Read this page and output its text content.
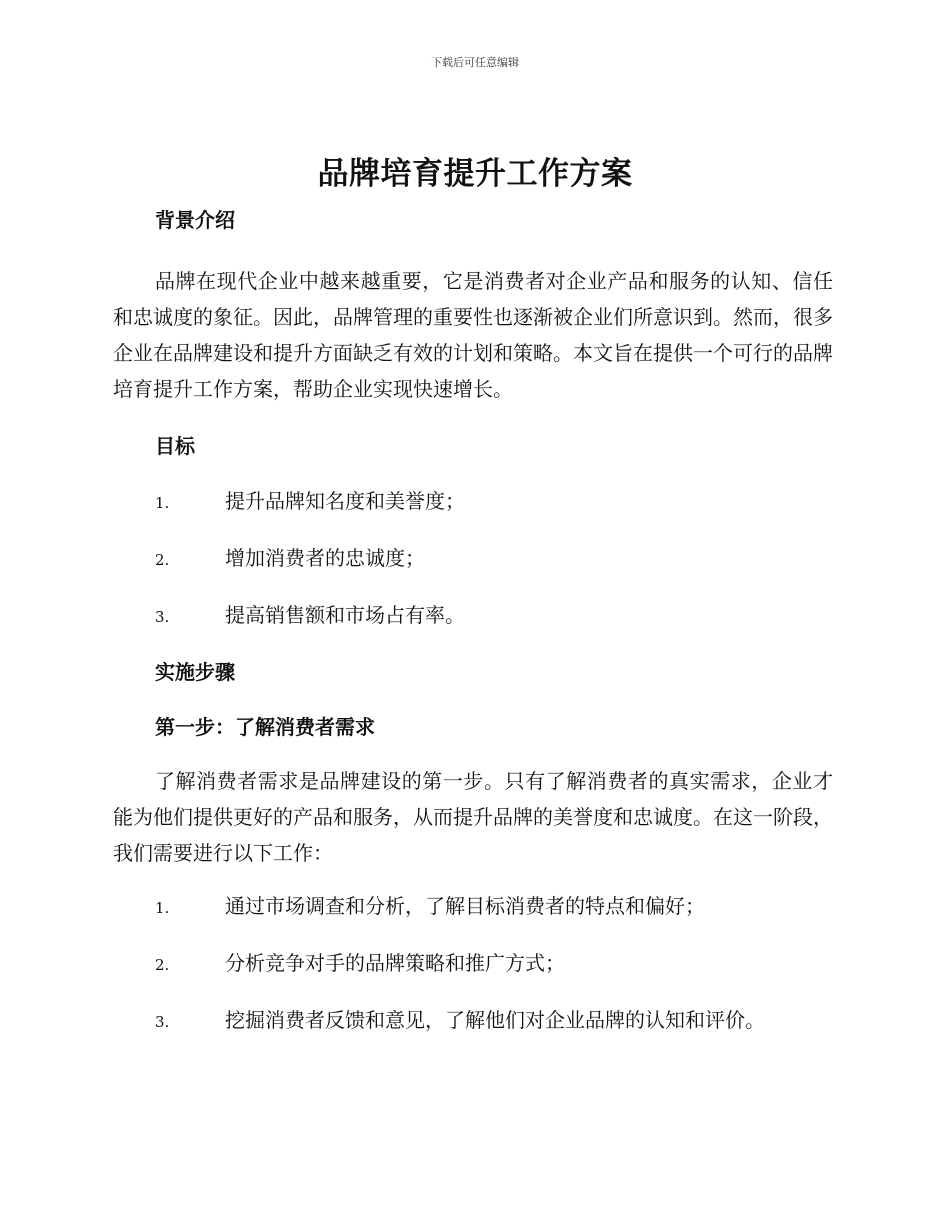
下载后可任意编辑
品牌培育提升工作方案
背景介绍

品牌在现代企业中越来越重要，它是消费者对企业产品和服务的认知、信任和忠诚度的象征。因此，品牌管理的重要性也逐渐被企业们所意识到。然而，很多企业在品牌建设和提升方面缺乏有效的计划和策略。本文旨在提供一个可行的品牌培育提升工作方案，帮助企业实现快速增长。

目标
1.	提升品牌知名度和美誉度；
2.	增加消费者的忠诚度；
3.	提高销售额和市场占有率。
实施步骤
第一步：了解消费者需求

了解消费者需求是品牌建设的第一步。只有了解消费者的真实需求，企业才能为他们提供更好的产品和服务，从而提升品牌的美誉度和忠诚度。在这一阶段，我们需要进行以下工作：

1.	通过市场调查和分析，了解目标消费者的特点和偏好；
2.	分析竞争对手的品牌策略和推广方式；
3.	挖掘消费者反馈和意见，了解他们对企业品牌的认知和评价。
